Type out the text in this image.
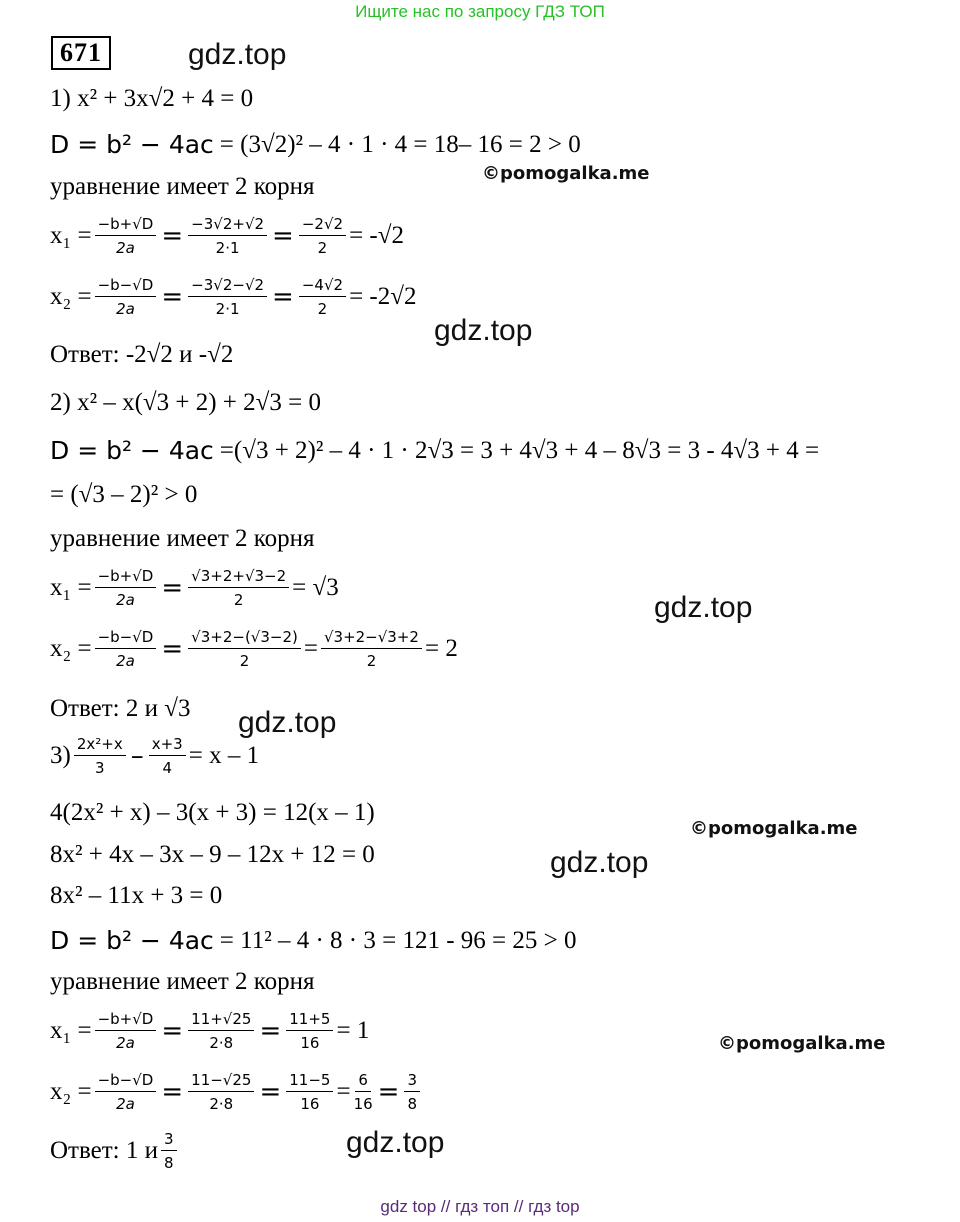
Ищите нас по запросу ГДЗ ТОП
671	gdz.top
gdz.top
gdz.top
gdz.top
gdz.top
gdz.top
©pomogalka.me
©pomogalka.me
©pomogalka.me
1) x² + 3x√2 + 4 = 0
D = b² − 4ac = (3√2)² – 4 · 1 · 4 = 18– 16 = 2 > 0
уравнение имеет 2 корня
$x_1 = \frac{-b+√D}{2a} = \frac{-3√2+√2}{2\cdot 1} = \frac{-2√2}{2} = -√2$
$x_2 = \frac{-b-√D}{2a} = \frac{-3√2-√2}{2\cdot 1} = \frac{-4√2}{2} = -2√2$
Ответ: -2√2 и -√2
2) x² – x(√3 + 2) + 2√3 = 0
D = b² − 4ac =(√3 + 2)² – 4 · 1 · 2√3 = 3 + 4√3 + 4 – 8√3 = 3 - 4√3 + 4 =
= (√3 – 2)² > 0
уравнение имеет 2 корня
$x_1 = \frac{-b+√D}{2a} = \frac{√3+2+√3-2}{2} = √3$
$x_2 = \frac{-b-√D}{2a} = \frac{√3+2-(√3-2)}{2} = \frac{√3+2-√3+2}{2} = 2$
Ответ: 2 и √3
$3) \frac{\text{2x²+x}}{3} - \frac{x+3}{4} = x - 1$
4(2x² + x) – 3(x + 3) = 12(x – 1)
8x² + 4x – 3x – 9 – 12x + 12 = 0
8x² – 11x + 3 = 0
D = b² − 4ac = 11² – 4 · 8 · 3 = 121 - 96 = 25 > 0
уравнение имеет 2 корня
$x_1 = \frac{-b+√D}{2a} = \frac{11+√25}{2\cdot 8} = \frac{11+5}{16} = 1$
$x_2 = \frac{-b-√D}{2a} = \frac{11-√25}{2\cdot 8} = \frac{11-5}{16} = \frac{6}{16} = \frac{3}{8}$
Ответ: 1 и $\frac{3}{8}$
gdz top // гдз топ // гдз top
